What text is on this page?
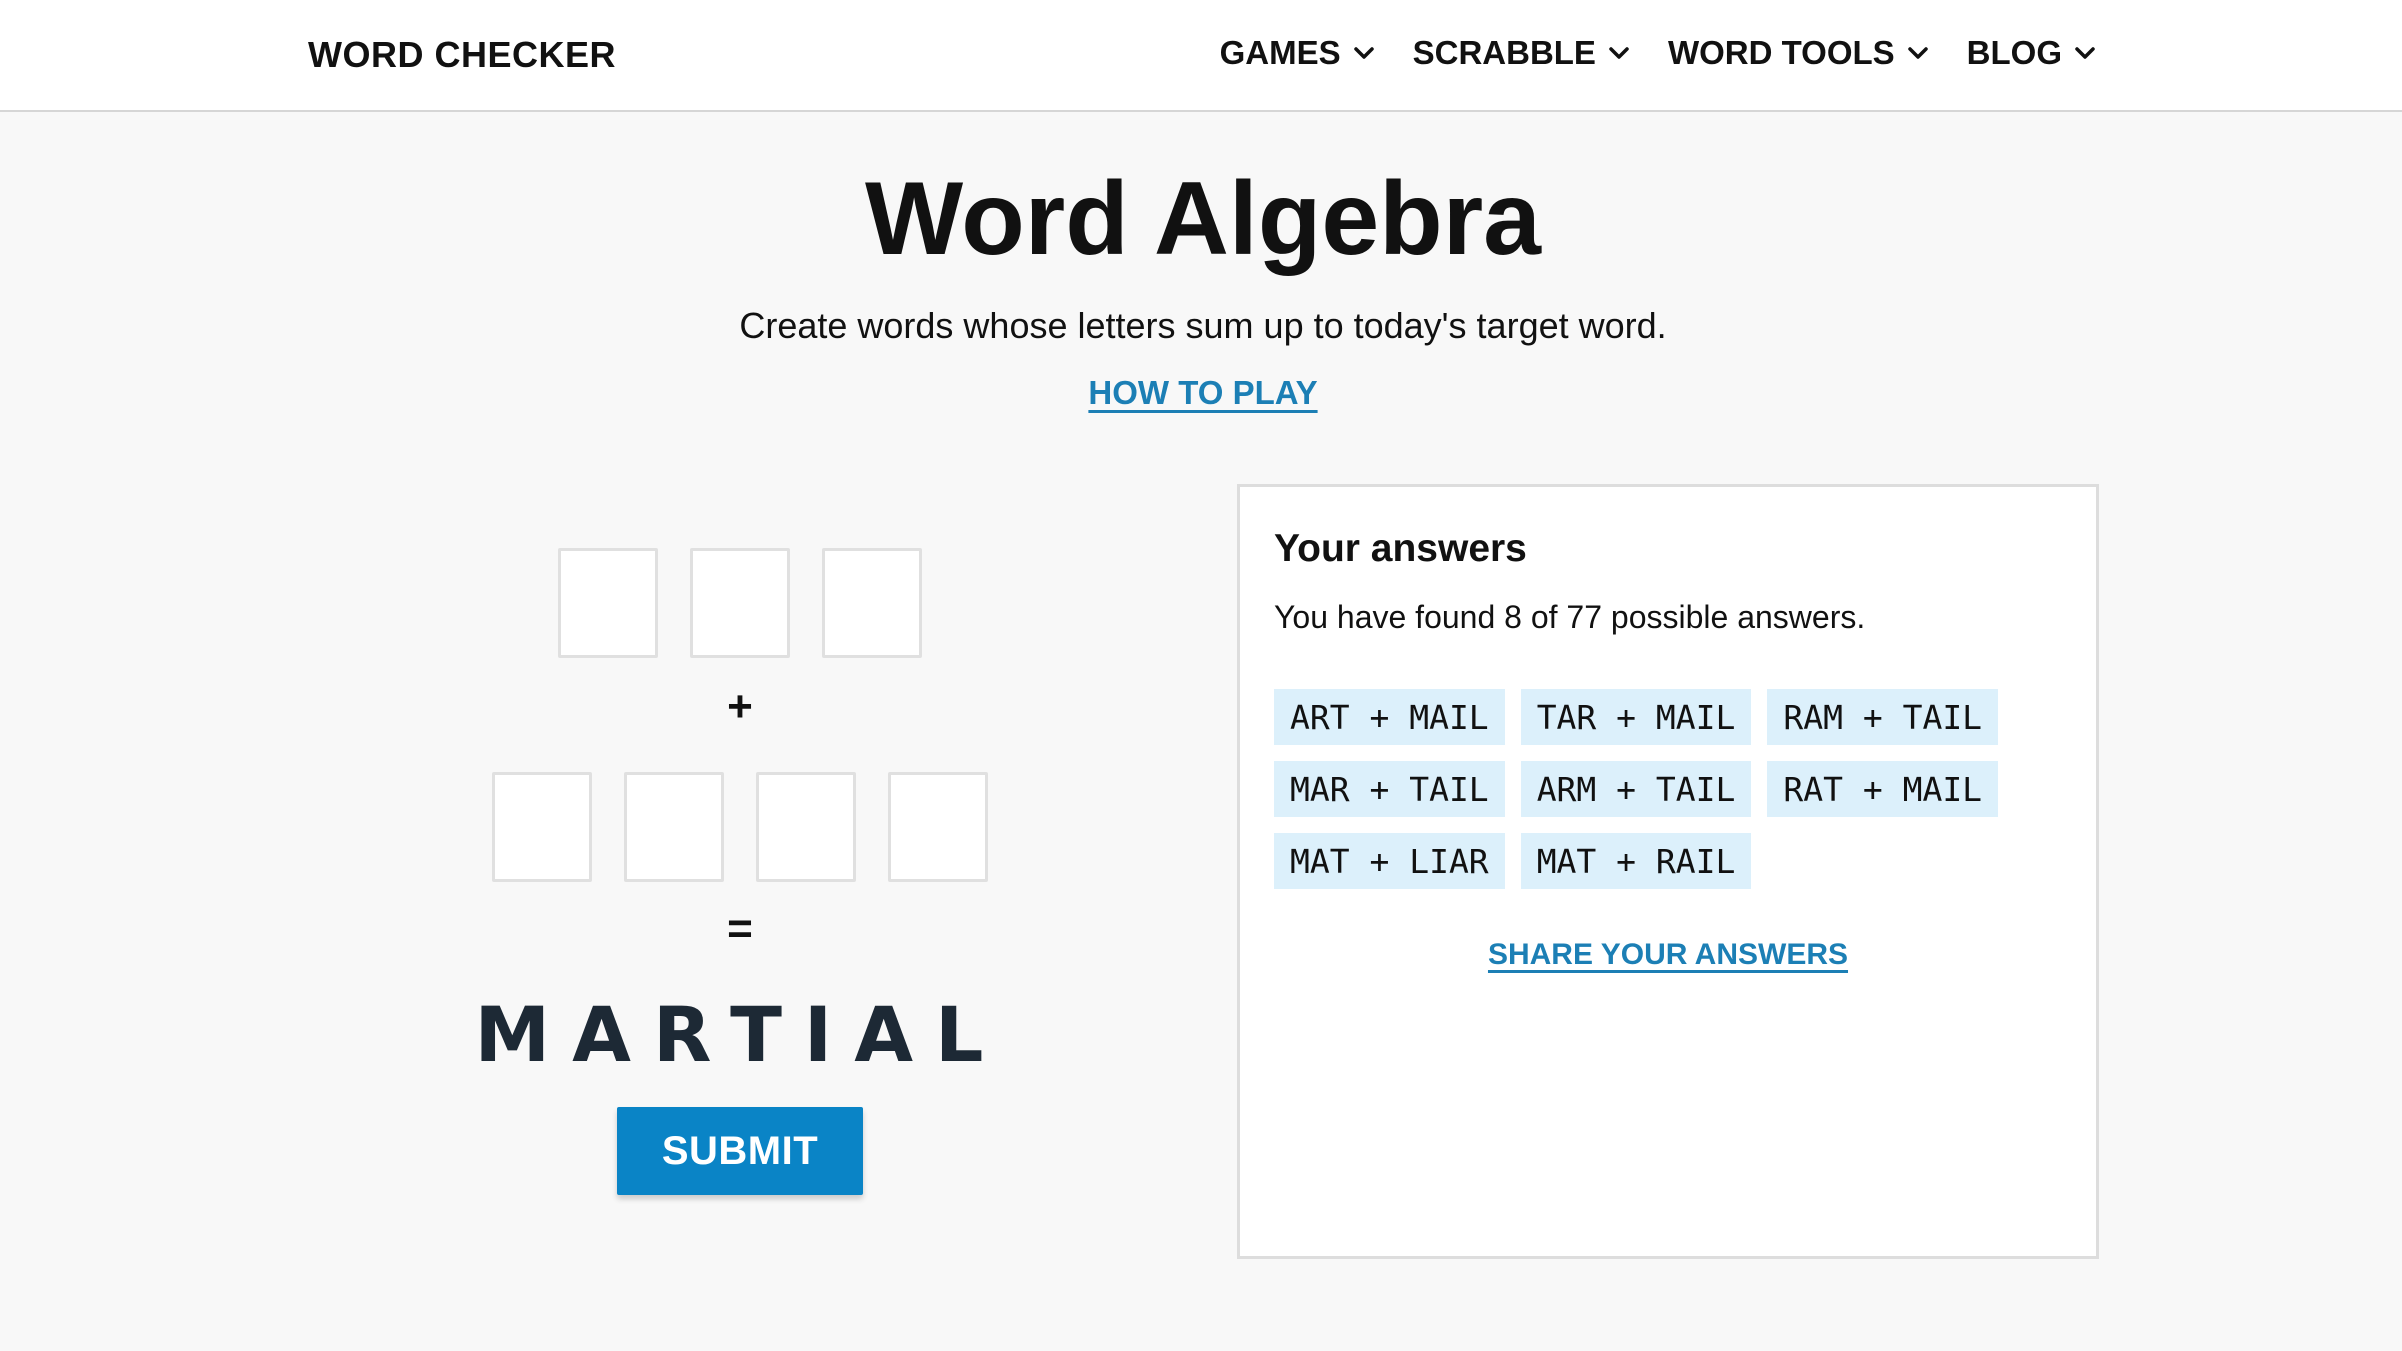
WORD CHECKER	GAMES SCRABBLE WORD TOOLS BLOG
Word Algebra

Create words whose letters sum up to today's target word.

HOW TO PLAY
+
=
MARTIAL
SUBMIT
Your answers
You have found 8 of 77 possible answers.
ART + MAIL	TAR + MAIL	RAM + TAIL
MAR + TAIL	ARM + TAIL	RAT + MAIL
MAT + LIAR	MAT + RAIL
SHARE YOUR ANSWERS
